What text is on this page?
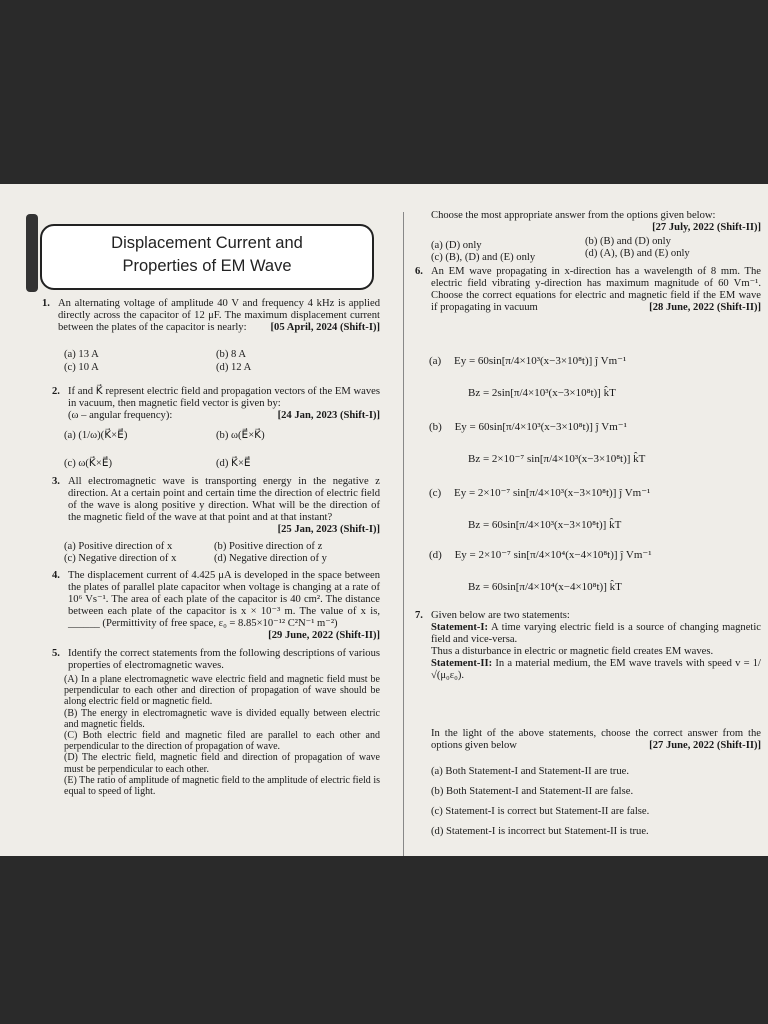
Displacement Current and
Properties of EM Wave
1. An alternating voltage of amplitude 40 V and frequency 4 kHz is applied directly across the capacitor of 12 μF. The maximum displacement current between the plates of the capacitor is nearly: [05 April, 2024 (Shift-I)]
(a) 13 A	(b) 8 A
(c) 10 A	(d) 12 A
2. If and K⃗ represent electric field and propagation vectors of the EM waves in vacuum, then magnetic field vector is given by:
(ω – angular frequency):	[24 Jan, 2023 (Shift-I)]
(a) (1/ω)(K⃗×E⃗)	(b) ω(E⃗×K⃗)
(c) ω(K⃗×E⃗)	(d) K⃗×E⃗
3. All electromagnetic wave is transporting energy in the negative z direction. At a certain point and certain time the direction of electric field of the wave is along positive y direction. What will be the direction of the magnetic field of the wave at that point and at that instant?
[25 Jan, 2023 (Shift-I)]
(a) Positive direction of x	(b) Positive direction of z
(c) Negative direction of x	(d) Negative direction of y
4. The displacement current of 4.425 μA is developed in the space between the plates of parallel plate capacitor when voltage is changing at a rate of 10⁶ Vs⁻¹. The area of each plate of the capacitor is 40 cm². The distance between each plate of the capacitor is x × 10⁻³ m. The value of x is, ______ (Permittivity of free space, ε₀ = 8.85×10⁻¹² C²N⁻¹ m⁻²)
[29 June, 2022 (Shift-II)]
5. Identify the correct statements from the following descriptions of various properties of electromagnetic waves.
(A) In a plane electromagnetic wave electric field and magnetic field must be perpendicular to each other and direction of propagation of wave should be along electric field or magnetic field.
(B) The energy in electromagnetic wave is divided equally between electric and magnetic fields.
(C) Both electric field and magnetic filed are parallel to each other and perpendicular to the direction of propagation of wave.
(D) The electric field, magnetic field and direction of propagation of wave must be perpendicular to each other.
(E) The ratio of amplitude of magnetic field to the amplitude of electric field is equal to speed of light.
Choose the most appropriate answer from the options given below:
[27 July, 2022 (Shift-II)]
(a) (D) only	(b) (B) and (D) only
(c) (B), (D) and (E) only	(d) (A), (B) and (E) only
6. An EM wave propagating in x-direction has a wavelength of 8 mm. The electric field vibrating y-direction has maximum magnitude of 60 Vm⁻¹. Choose the correct equations for electric and magnetic field if the EM wave if propagating in vacuum	[28 June, 2022 (Shift-II)]
(a) Ey = 60sin[π/4×10³(x−3×10⁸t)] ĵ Vm⁻¹
Bz = 2sin[π/4×10³(x−3×10⁸t)] k̂T
(b) Ey = 60sin[π/4×10³(x−3×10⁸t)] ĵ Vm⁻¹
Bz = 2×10⁻⁷ sin[π/4×10³(x−3×10⁸t)] k̂T
(c) Ey = 2×10⁻⁷ sin[π/4×10³(x−3×10⁸t)] ĵ Vm⁻¹
Bz = 60sin[π/4×10³(x−3×10⁸t)] k̂T
(d) Ey = 2×10⁻⁷ sin[π/4×10⁴(x−4×10⁸t)] ĵ Vm⁻¹
Bz = 60sin[π/4×10⁴(x−4×10⁸t)] k̂T
7. Given below are two statements:
Statement-I: A time varying electric field is a source of changing magnetic field and vice-versa.
Thus a disturbance in electric or magnetic field creates EM waves.
Statement-II: In a material medium, the EM wave travels with speed v = 1/√(μ₀ε₀).
In the light of the above statements, choose the correct answer from the options given below	[27 June, 2022 (Shift-II)]
(a) Both Statement-I and Statement-II are true.
(b) Both Statement-I and Statement-II are false.
(c) Statement-I is correct but Statement-II are false.
(d) Statement-I is incorrect but Statement-II is true.
